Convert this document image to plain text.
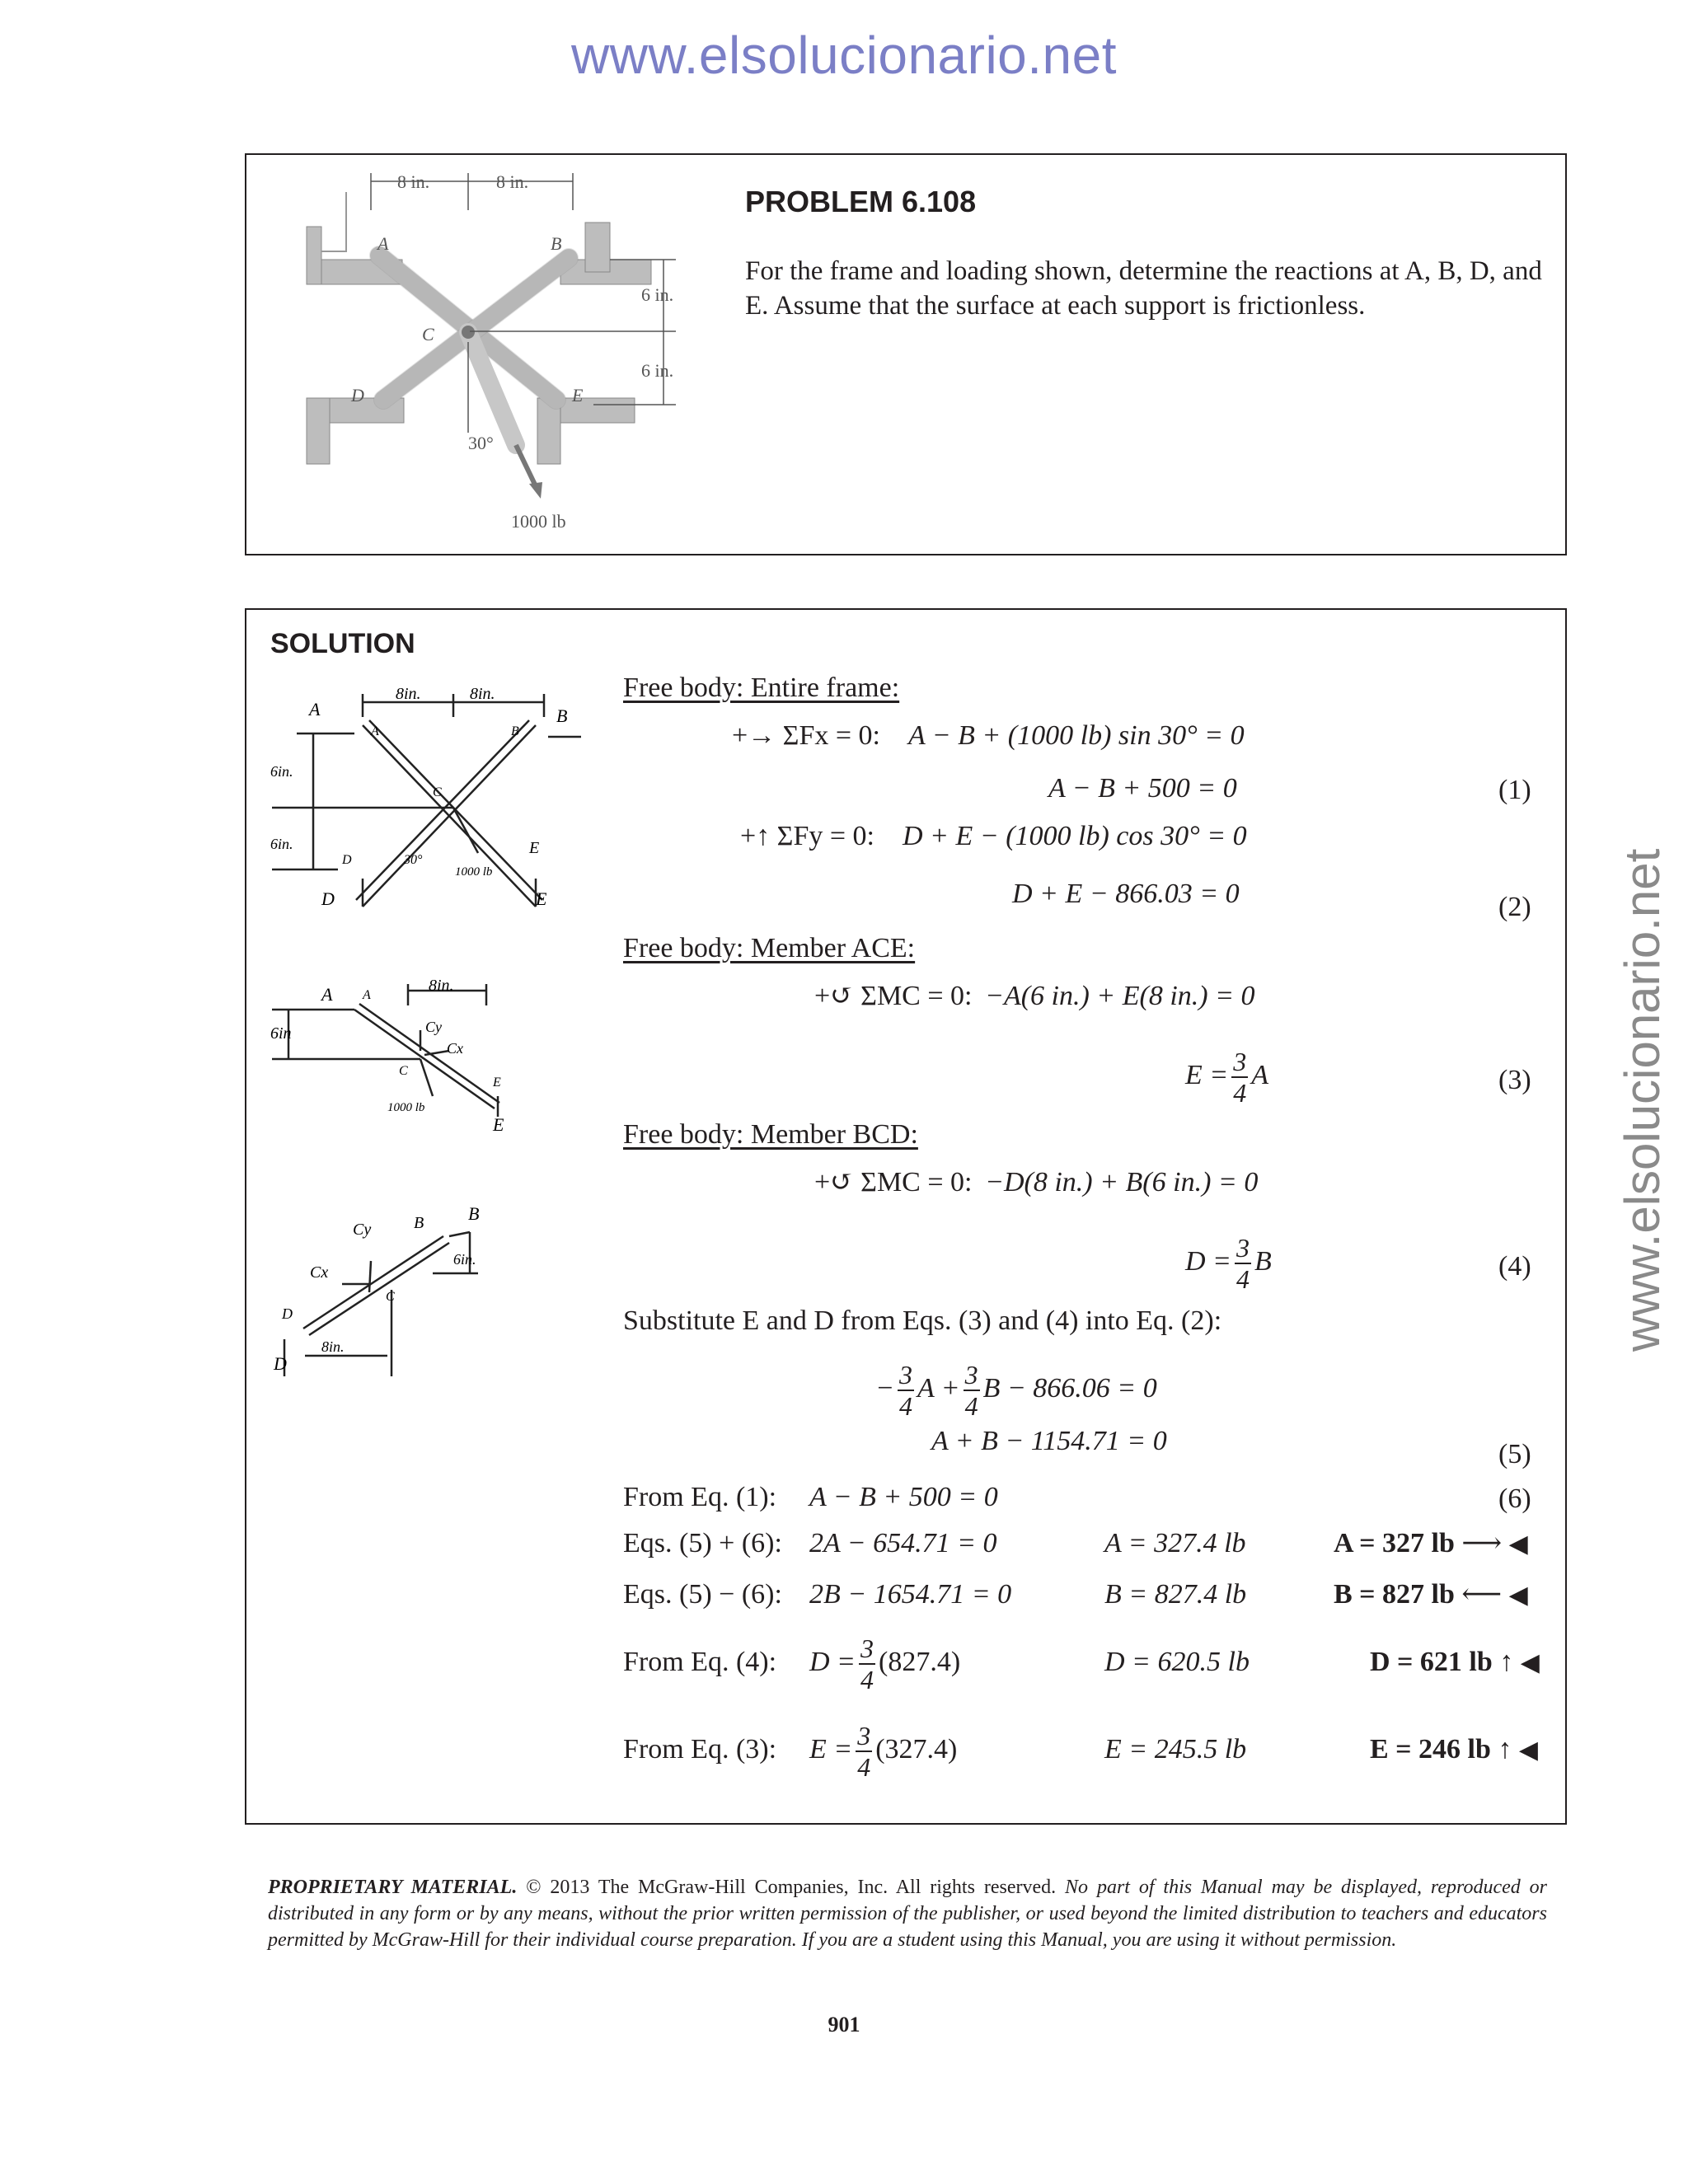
www.elsolucionario.net
www.elsolucionario.net
8 in.	8 in.
6 in.
6 in.
30°
1000 lb
A	B
C
D	E
PROBLEM 6.108
For the frame and loading shown, determine the reactions at A, B, D, and E. Assume that the surface at each support is frictionless.
SOLUTION
A	B
A	B
C
D
E
D	E
8in.	8in.
6in.
6in.
30°
1000 lb
A A
C
E
E
Cy
Cx
8in.
6in
1000 lb
Cy	B B
Cx
C
D
D
6in.
8in.
Free body: Entire frame:
+→ ΣFx = 0: A − B + (1000 lb) sin 30° = 0
A − B + 500 = 0	(1)
+↑ ΣFy = 0: D + E − (1000 lb) cos 30° = 0
D + E − 866.03 = 0	(2)
Free body: Member ACE:
+↺ ΣMC = 0: −A(6 in.) + E(8 in.) = 0
$E = \frac{3}{4}$ A	(3)
Free body: Member BCD:
+↺ ΣMC = 0: −D(8 in.) + B(6 in.) = 0
$D = \frac{3}{4}$ B	(4)
Substitute E and D from Eqs. (3) and (4) into Eq. (2):
− $\frac{3}{4}$ $A + \frac{3}{4}$ B − 866.06 = 0
A + B − 1154.71 = 0	(5)
From Eq. (1): A − B + 500 = 0	(6)
Eqs. (5) + (6): 2A − 654.71 = 0	A = 327.4 lb	A = 327 lb ⟶ ◀
Eqs. (5) − (6): 2B − 1654.71 = 0	B = 827.4 lb	B = 827 lb ⟵ ◀
From Eq. (4): $D = \frac{3}{4} (827.4)$	D = 620.5 lb	D = 621 lb ↑ ◀
From Eq. (3): $E = \frac{3}{4} (327.4)$	E = 245.5 lb	E = 246 lb ↑ ◀
PROPRIETARY MATERIAL. © 2013 The McGraw-Hill Companies, Inc. All rights reserved. No part of this Manual may be displayed, reproduced or distributed in any form or by any means, without the prior written permission of the publisher, or used beyond the limited distribution to teachers and educators permitted by McGraw-Hill for their individual course preparation. If you are a student using this Manual, you are using it without permission.
901
